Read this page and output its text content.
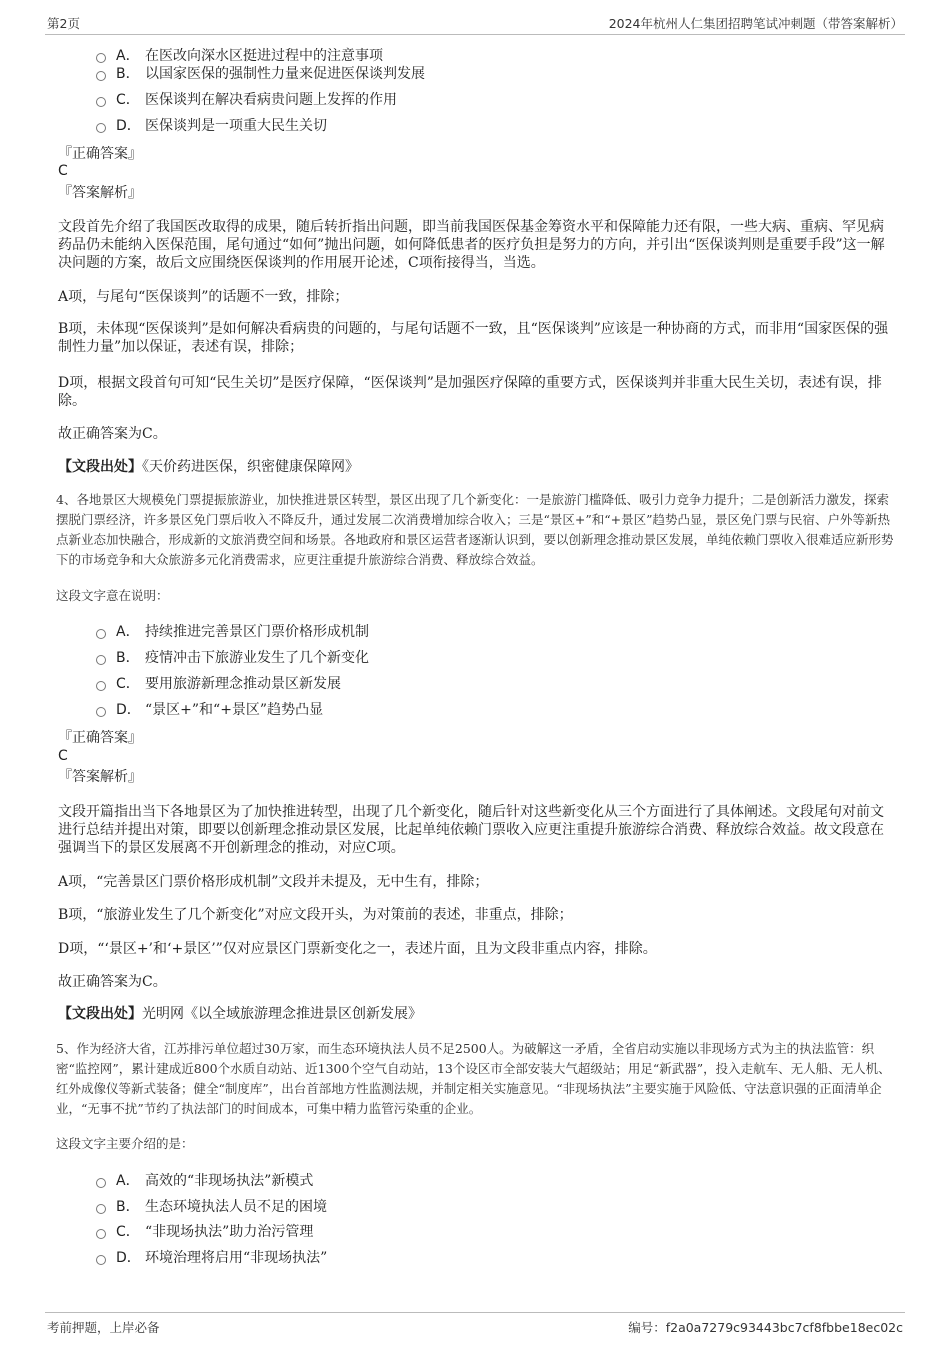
第2页	2024年杭州人仁集团招聘笔试冲刺题（带答案解析）
A． 在医改向深水区挺进过程中的注意事项
B． 以国家医保的强制性力量来促进医保谈判发展
C． 医保谈判在解决看病贵问题上发挥的作用
D． 医保谈判是一项重大民生关切
『正确答案』
C
『答案解析』

文段首先介绍了我国医改取得的成果，随后转折指出问题，即当前我国医保基金筹资水平和保障能力还有限，一些大病、重病、罕见病药品仍未能纳入医保范围，尾句通过“如何”抛出问题，如何降低患者的医疗负担是努力的方向，并引出“医保谈判则是重要手段”这一解决问题的方案，故后文应围绕医保谈判的作用展开论述，C项衔接得当，当选。

A项，与尾句“医保谈判”的话题不一致，排除；

B项，未体现“医保谈判”是如何解决看病贵的问题的，与尾句话题不一致，且“医保谈判”应该是一种协商的方式，而非用“国家医保的强制性力量”加以保证，表述有误，排除；

D项，根据文段首句可知“民生关切”是医疗保障，“医保谈判”是加强医疗保障的重要方式，医保谈判并非重大民生关切，表述有误，排除。

故正确答案为C。

【文段出处】《天价药进医保，织密健康保障网》

4、各地景区大规模免门票提振旅游业，加快推进景区转型，景区出现了几个新变化：一是旅游门槛降低、吸引力竞争力提升；二是创新活力激发，探索摆脱门票经济，许多景区免门票后收入不降反升，通过发展二次消费增加综合收入；三是“景区+”和“+景区”趋势凸显，景区免门票与民宿、户外等新热点新业态加快融合，形成新的文旅消费空间和场景。各地政府和景区运营者逐渐认识到，要以创新理念推动景区发展，单纯依赖门票收入很难适应新形势下的市场竞争和大众旅游多元化消费需求，应更注重提升旅游综合消费、释放综合效益。

这段文字意在说明：
A． 持续推进完善景区门票价格形成机制
B． 疫情冲击下旅游业发生了几个新变化
C． 要用旅游新理念推动景区新发展
D． “景区+”和“+景区”趋势凸显
『正确答案』
C
『答案解析』

文段开篇指出当下各地景区为了加快推进转型，出现了几个新变化，随后针对这些新变化从三个方面进行了具体阐述。文段尾句对前文进行总结并提出对策，即要以创新理念推动景区发展，比起单纯依赖门票收入应更注重提升旅游综合消费、释放综合效益。故文段意在强调当下的景区发展离不开创新理念的推动，对应C项。

A项，“完善景区门票价格形成机制”文段并未提及，无中生有，排除；

B项，“旅游业发生了几个新变化”对应文段开头，为对策前的表述，非重点，排除；

D项，“‘景区+’和‘+景区’”仅对应景区门票新变化之一，表述片面，且为文段非重点内容，排除。

故正确答案为C。

【文段出处】光明网《以全域旅游理念推进景区创新发展》

5、作为经济大省，江苏排污单位超过30万家，而生态环境执法人员不足2500人。为破解这一矛盾，全省启动实施以非现场方式为主的执法监管：织密“监控网”，累计建成近800个水质自动站、近1300个空气自动站，13个设区市全部安装大气超级站；用足“新武器”，投入走航车、无人船、无人机、红外成像仪等新式装备；健全“制度库”，出台首部地方性监测法规，并制定相关实施意见。“非现场执法”主要实施于风险低、守法意识强的正面清单企业，“无事不扰”节约了执法部门的时间成本，可集中精力监管污染重的企业。

这段文字主要介绍的是：
A． 高效的“非现场执法”新模式
B． 生态环境执法人员不足的困境
C． “非现场执法”助力治污管理
D． 环境治理将启用“非现场执法”
考前押题，上岸必备	编号：f2a0a7279c93443bc7cf8fbbe18ec02c
